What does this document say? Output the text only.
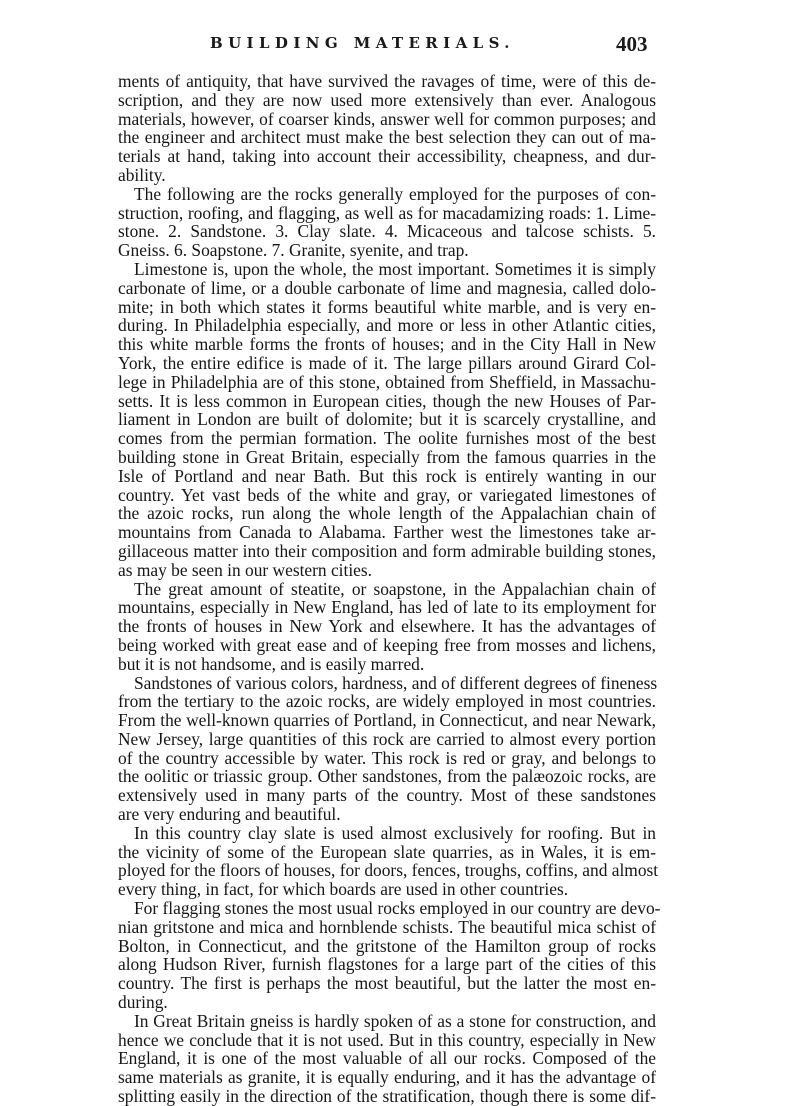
BUILDING MATERIALS.	403
ments of antiquity, that have survived the ravages of time, were of this de-
scription, and they are now used more extensively than ever. Analogous
materials, however, of coarser kinds, answer well for common purposes; and
the engineer and architect must make the best selection they can out of ma-
terials at hand, taking into account their accessibility, cheapness, and dur-
ability.
The following are the rocks generally employed for the purposes of con-
struction, roofing, and flagging, as well as for macadamizing roads: 1. Lime-
stone. 2. Sandstone. 3. Clay slate. 4. Micaceous and talcose schists. 5.
Gneiss. 6. Soapstone. 7. Granite, syenite, and trap.
Limestone is, upon the whole, the most important. Sometimes it is simply
carbonate of lime, or a double carbonate of lime and magnesia, called dolo-
mite; in both which states it forms beautiful white marble, and is very en-
during. In Philadelphia especially, and more or less in other Atlantic cities,
this white marble forms the fronts of houses; and in the City Hall in New
York, the entire edifice is made of it. The large pillars around Girard Col-
lege in Philadelphia are of this stone, obtained from Sheffield, in Massachu-
setts. It is less common in European cities, though the new Houses of Par-
liament in London are built of dolomite; but it is scarcely crystalline, and
comes from the permian formation. The oolite furnishes most of the best
building stone in Great Britain, especially from the famous quarries in the
Isle of Portland and near Bath. But this rock is entirely wanting in our
country. Yet vast beds of the white and gray, or variegated limestones of
the azoic rocks, run along the whole length of the Appalachian chain of
mountains from Canada to Alabama. Farther west the limestones take ar-
gillaceous matter into their composition and form admirable building stones,
as may be seen in our western cities.
The great amount of steatite, or soapstone, in the Appalachian chain of
mountains, especially in New England, has led of late to its employment for
the fronts of houses in New York and elsewhere. It has the advantages of
being worked with great ease and of keeping free from mosses and lichens,
but it is not handsome, and is easily marred.
Sandstones of various colors, hardness, and of different degrees of fineness
from the tertiary to the azoic rocks, are widely employed in most countries.
From the well-known quarries of Portland, in Connecticut, and near Newark,
New Jersey, large quantities of this rock are carried to almost every portion
of the country accessible by water. This rock is red or gray, and belongs to
the oolitic or triassic group. Other sandstones, from the palæozoic rocks, are
extensively used in many parts of the country. Most of these sandstones
are very enduring and beautiful.
In this country clay slate is used almost exclusively for roofing. But in
the vicinity of some of the European slate quarries, as in Wales, it is em-
ployed for the floors of houses, for doors, fences, troughs, coffins, and almost
every thing, in fact, for which boards are used in other countries.
For flagging stones the most usual rocks employed in our country are devo-
nian gritstone and mica and hornblende schists. The beautiful mica schist of
Bolton, in Connecticut, and the gritstone of the Hamilton group of rocks
along Hudson River, furnish flagstones for a large part of the cities of this
country. The first is perhaps the most beautiful, but the latter the most en-
during.
In Great Britain gneiss is hardly spoken of as a stone for construction, and
hence we conclude that it is not used. But in this country, especially in New
England, it is one of the most valuable of all our rocks. Composed of the
same materials as granite, it is equally enduring, and it has the advantage of
splitting easily in the direction of the stratification, though there is some dif-
